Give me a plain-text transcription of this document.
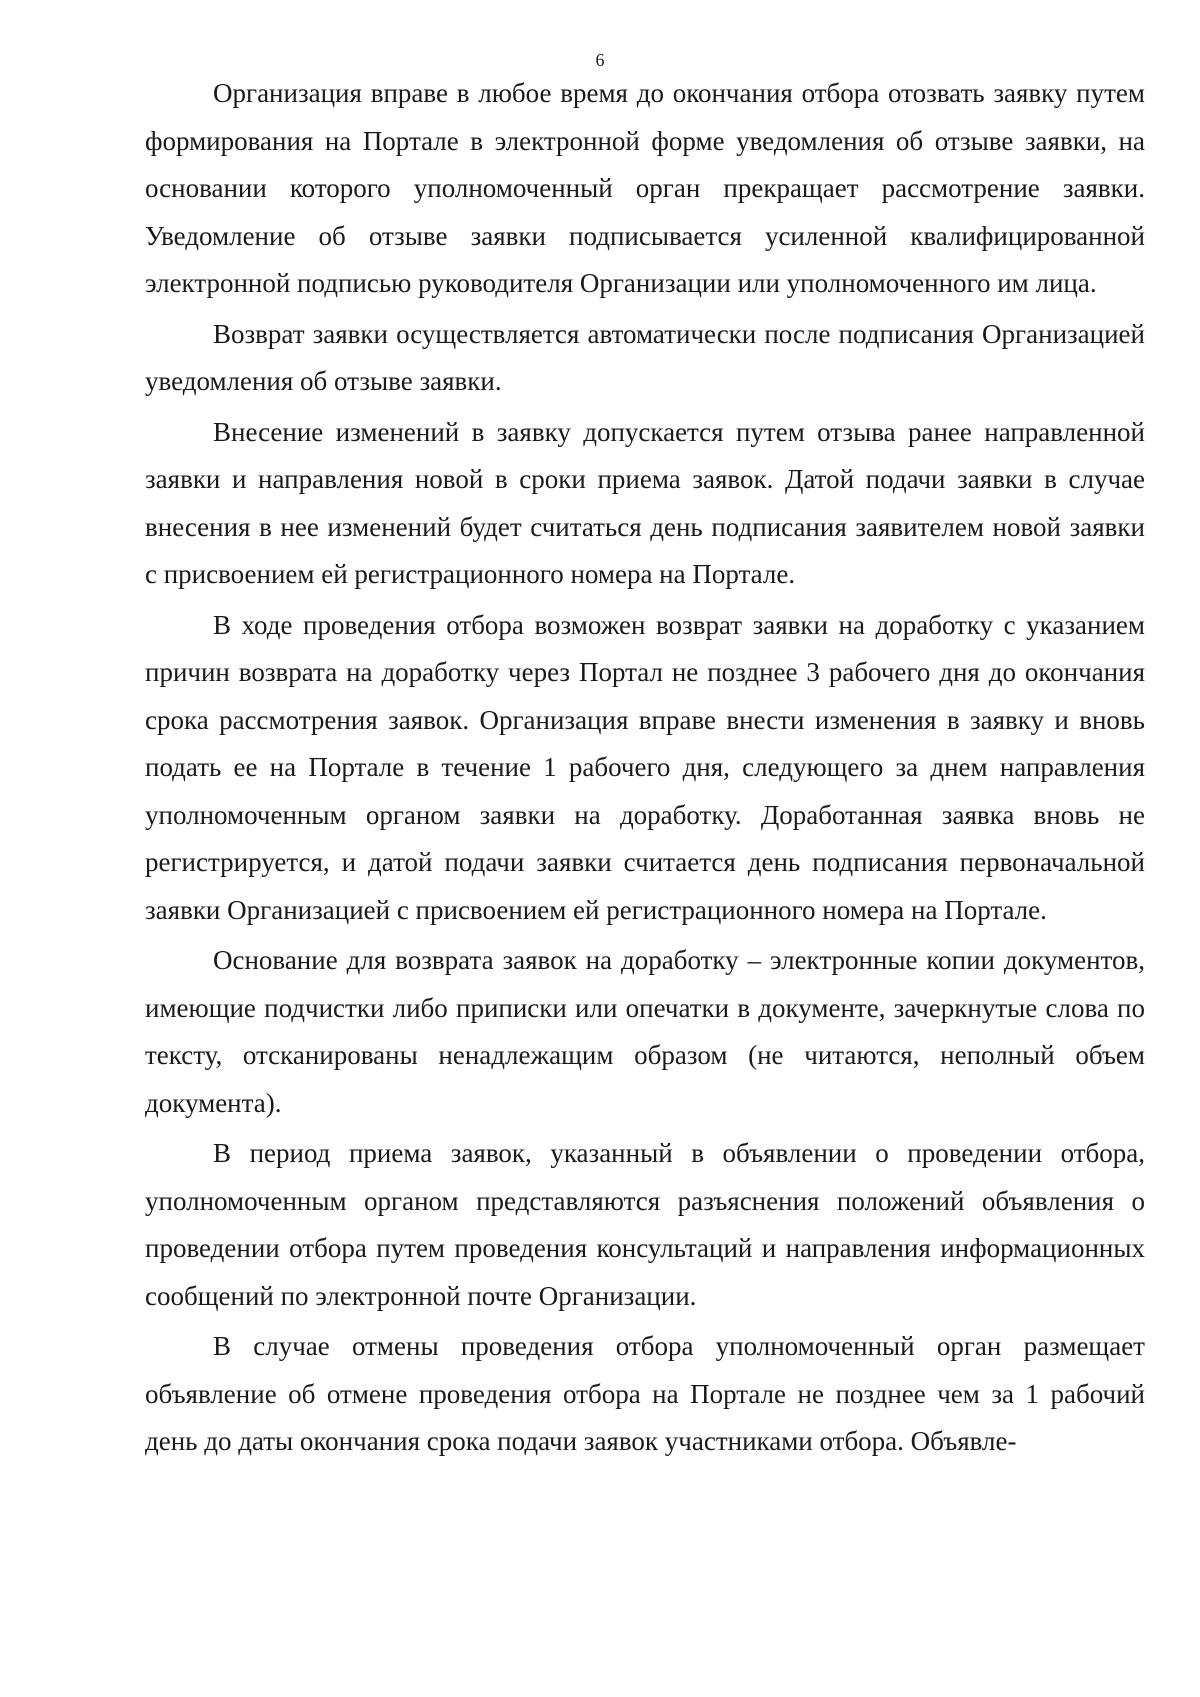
6

Организация вправе в любое время до окончания отбора отозвать заявку путем формирования на Портале в электронной форме уведомления об отзыве заявки, на основании которого уполномоченный орган прекращает рассмотрение заявки. Уведомление об отзыве заявки подписывается усиленной квалифицированной электронной подписью руководителя Организации или уполномоченного им лица.

Возврат заявки осуществляется автоматически после подписания Организацией уведомления об отзыве заявки.

Внесение изменений в заявку допускается путем отзыва ранее направленной заявки и направления новой в сроки приема заявок. Датой подачи заявки в случае внесения в нее изменений будет считаться день подписания заявителем новой заявки с присвоением ей регистрационного номера на Портале.

В ходе проведения отбора возможен возврат заявки на доработку с указанием причин возврата на доработку через Портал не позднее 3 рабочего дня до окончания срока рассмотрения заявок. Организация вправе внести изменения в заявку и вновь подать ее на Портале в течение 1 рабочего дня, следующего за днем направления уполномоченным органом заявки на доработку. Доработанная заявка вновь не регистрируется, и датой подачи заявки считается день подписания первоначальной заявки Организацией с присвоением ей регистрационного номера на Портале.

Основание для возврата заявок на доработку – электронные копии документов, имеющие подчистки либо приписки или опечатки в документе, зачеркнутые слова по тексту, отсканированы ненадлежащим образом (не читаются, неполный объем документа).

В период приема заявок, указанный в объявлении о проведении отбора, уполномоченным органом представляются разъяснения положений объявления о проведении отбора путем проведения консультаций и направления информационных сообщений по электронной почте Организации.

В случае отмены проведения отбора уполномоченный орган размещает объявление об отмене проведения отбора на Портале не позднее чем за 1 рабочий день до даты окончания срока подачи заявок участниками отбора. Объявле-
